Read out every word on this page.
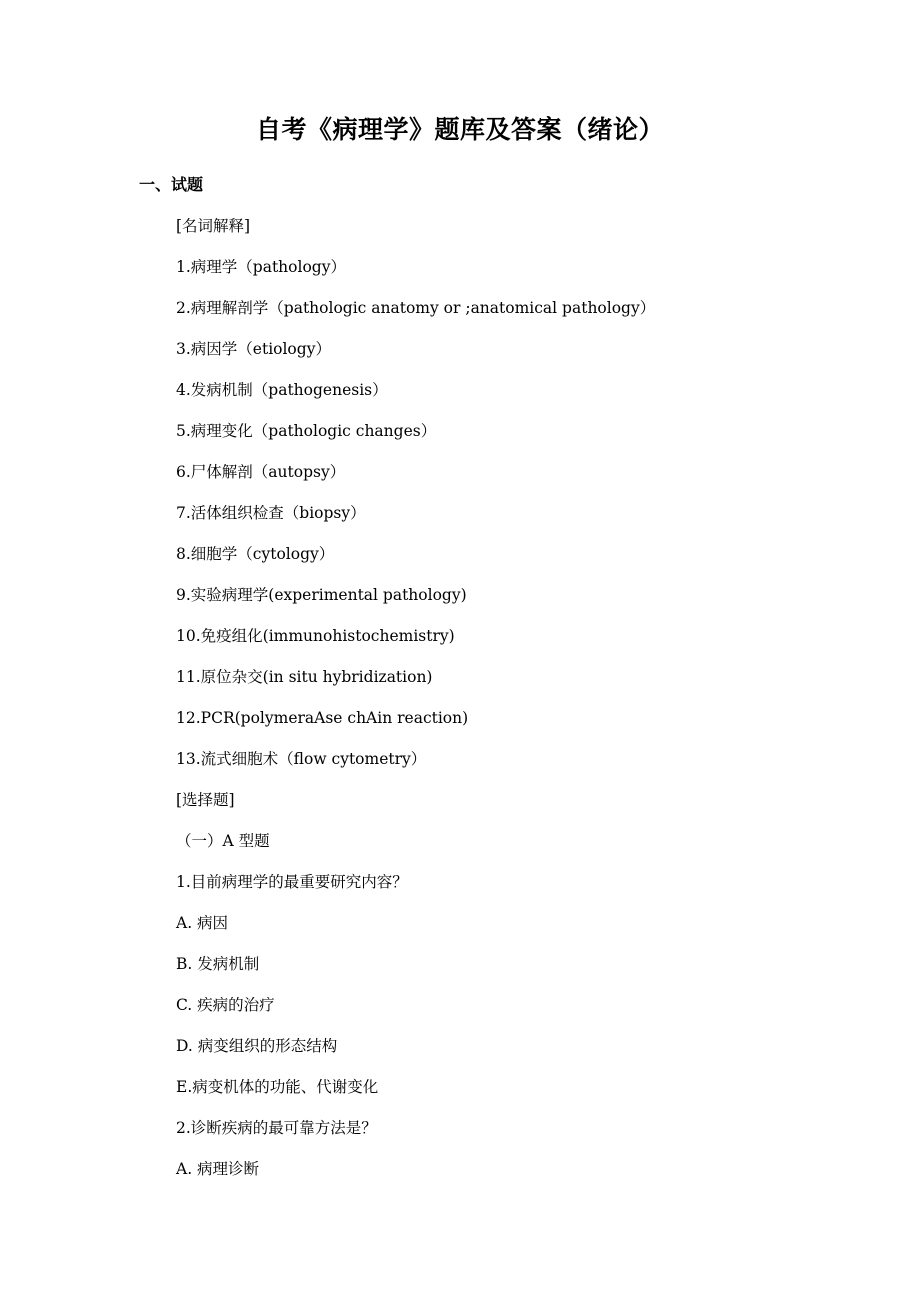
自考《病理学》题库及答案（绪论）
一、试题
[名词解释]
1.病理学（pathology）
2.病理解剖学（pathologic anatomy or ;anatomical pathology）
3.病因学（etiology）
4.发病机制（pathogenesis）
5.病理变化（pathologic changes）
6.尸体解剖（autopsy）
7.活体组织检查（biopsy）
8.细胞学（cytology）
9.实验病理学(experimental pathology)
10.免疫组化(immunohistochemistry)
11.原位杂交(in situ hybridization)
12.PCR(polymeraAse chAin reaction)
13.流式细胞术（flow cytometry）
[选择题]
（一）A 型题
1.目前病理学的最重要研究内容？
A. 病因
B. 发病机制
C. 疾病的治疗
D. 病变组织的形态结构
E.病变机体的功能、代谢变化
2.诊断疾病的最可靠方法是？
A. 病理诊断
